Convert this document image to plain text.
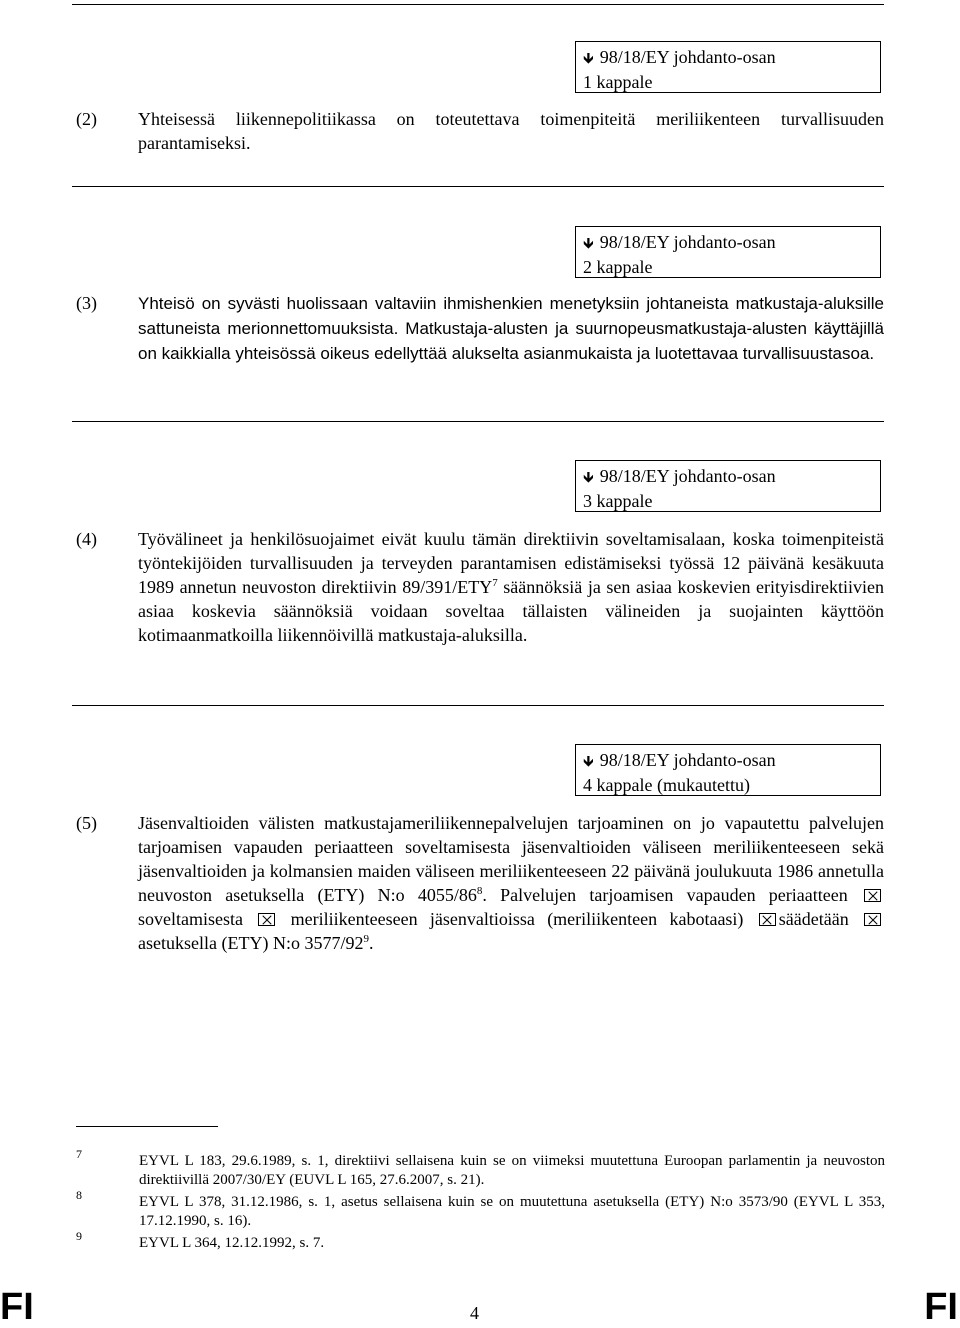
🡻 98/18/EY johdanto-osan
1 kappale
(2) Yhteisessä liikennepolitiikassa on toteutettava toimenpiteitä meriliikenteen turvallisuuden parantamiseksi.
🡻 98/18/EY johdanto-osan
2 kappale
(3) Yhteisö on syvästi huolissaan valtaviin ihmishenkien menetyksiin johtaneista matkustaja-aluksille sattuneista merionnettomuuksista. Matkustaja-alusten ja suurnopeusmatkustaja-alusten käyttäjillä on kaikkialla yhteisössä oikeus edellyttää alukselta asianmukaista ja luotettavaa turvallisuustasoa.
🡻 98/18/EY johdanto-osan
3 kappale
(4) Työvälineet ja henkilösuojaimet eivät kuulu tämän direktiivin soveltamisalaan, koska toimenpiteistä työntekijöiden turvallisuuden ja terveyden parantamisen edistämiseksi työssä 12 päivänä kesäkuuta 1989 annetun neuvoston direktiivin 89/391/ETY$^7$ säännöksiä ja sen asiaa koskevien erityisdirektiivien asiaa koskevia säännöksiä voidaan soveltaa tällaisten välineiden ja suojainten käyttöön kotimaanmatkoilla liikennöivillä matkustaja-aluksilla.
🡻 98/18/EY johdanto-osan
4 kappale (mukautettu)
(5) Jäsenvaltioiden välisten matkustajameriliikennepalvelujen tarjoaminen on jo vapautettu palvelujen tarjoamisen vapauden periaatteen soveltamisesta jäsenvaltioiden väliseen meriliikenteeseen sekä jäsenvaltioiden ja kolmansien maiden väliseen meriliikenteeseen 22 päivänä joulukuuta 1986 annetulla neuvoston asetuksella (ETY) N:o $4055/86^8$. Palvelujen tarjoamisen vapauden periaatteen  soveltamisesta	meriliikenteeseen jäsenvaltioissa (meriliikenteen kabotaasi) säädetään  asetuksella (ETY) N:o $3577/92^9$.
7	EYVL L 183, 29.6.1989, s. 1, direktiivi sellaisena kuin se on viimeksi muutettuna Euroopan parlamentin ja neuvoston direktiivillä 2007/30/EY (EUVL L 165, 27.6.2007, s. 21).
8	EYVL L 378, 31.12.1986, s. 1, asetus sellaisena kuin se on muutettuna asetuksella (ETY) N:o 3573/90 (EYVL L 353, 17.12.1990, s. 16).
9	EYVL L 364, 12.12.1992, s. 7.
FI	4	FI
